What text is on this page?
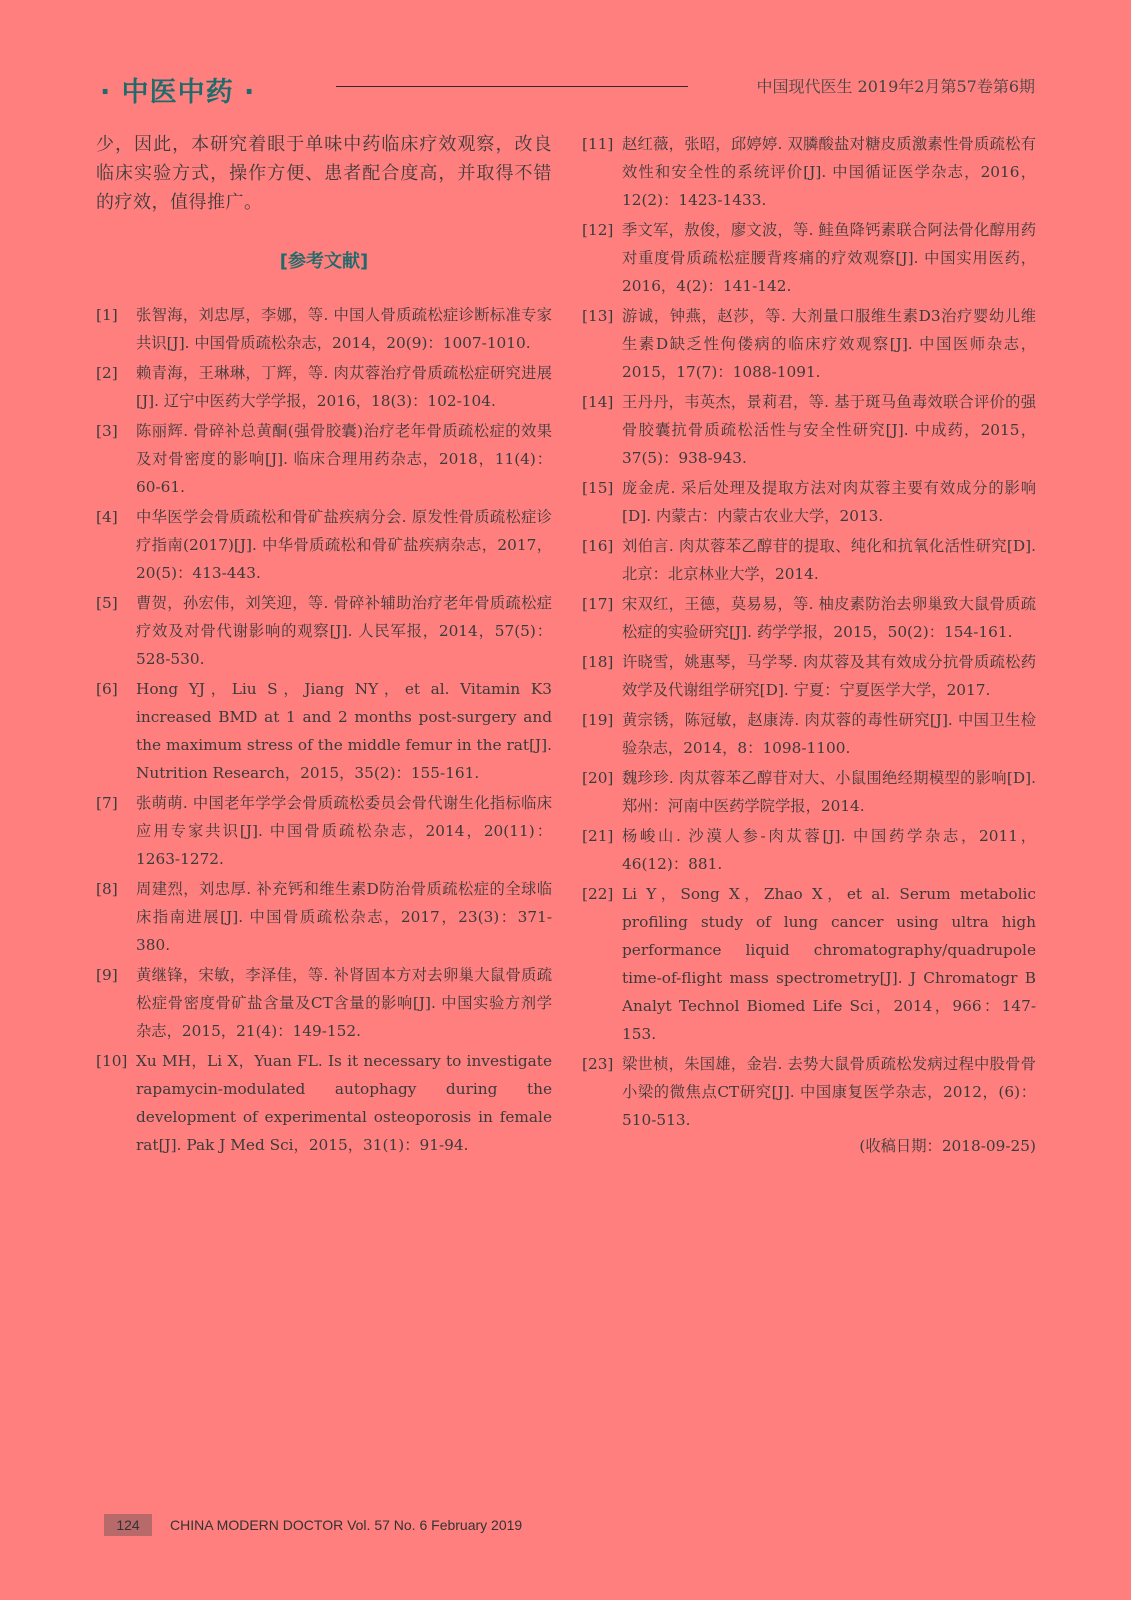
· 中医中药 ·	中国现代医生 2019年2月第57卷第6期

少，因此，本研究着眼于单味中药临床疗效观察，改良临床实验方式，操作方便、患者配合度高，并取得不错的疗效，值得推广。

[参考文献]
[1] 张智海，刘忠厚，李娜，等. 中国人骨质疏松症诊断标准专家共识[J]. 中国骨质疏松杂志，2014，20(9)：1007-1010.
[2] 赖青海，王琳琳，丁辉，等. 肉苁蓉治疗骨质疏松症研究进展[J]. 辽宁中医药大学学报，2016，18(3)：102-104.
[3] 陈丽辉. 骨碎补总黄酮(强骨胶囊)治疗老年骨质疏松症的效果及对骨密度的影响[J]. 临床合理用药杂志，2018，11(4)：60-61.
[4] 中华医学会骨质疏松和骨矿盐疾病分会. 原发性骨质疏松症诊疗指南(2017)[J]. 中华骨质疏松和骨矿盐疾病杂志，2017，20(5)：413-443.
[5] 曹贺，孙宏伟，刘笑迎，等. 骨碎补辅助治疗老年骨质疏松症疗效及对骨代谢影响的观察[J]. 人民军报，2014，57(5)：528-530.
[6] Hong YJ，Liu S，Jiang NY，et al. Vitamin K3 increased BMD at 1 and 2 months post-surgery and the maximum stress of the middle femur in the rat[J]. Nutrition Research，2015，35(2)：155-161.
[7] 张萌萌. 中国老年学学会骨质疏松委员会骨代谢生化指标临床应用专家共识[J]. 中国骨质疏松杂志，2014，20(11)：1263-1272.
[8] 周建烈，刘忠厚. 补充钙和维生素D防治骨质疏松症的全球临床指南进展[J]. 中国骨质疏松杂志，2017，23(3)：371-380.
[9] 黄继锋，宋敏，李泽佳，等. 补肾固本方对去卵巢大鼠骨质疏松症骨密度骨矿盐含量及CT含量的影响[J]. 中国实验方剂学杂志，2015，21(4)：149-152.
[10] Xu MH，Li X，Yuan FL. Is it necessary to investigate rapamycin-modulated autophagy during the development of experimental osteoporosis in female rat[J]. Pak J Med Sci，2015，31(1)：91-94.
[11] 赵红薇，张昭，邱婷婷. 双膦酸盐对糖皮质激素性骨质疏松有效性和安全性的系统评价[J]. 中国循证医学杂志，2016，12(2)：1423-1433.
[12] 季文军，敖俊，廖文波，等. 鲑鱼降钙素联合阿法骨化醇用药对重度骨质疏松症腰背疼痛的疗效观察[J]. 中国实用医药，2016，4(2)：141-142.
[13] 游诚，钟燕，赵莎，等. 大剂量口服维生素D3治疗婴幼儿维生素D缺乏性佝偻病的临床疗效观察[J]. 中国医师杂志，2015，17(7)：1088-1091.
[14] 王丹丹，韦英杰，景莉君，等. 基于斑马鱼毒效联合评价的强骨胶囊抗骨质疏松活性与安全性研究[J]. 中成药，2015，37(5)：938-943.
[15] 庞金虎. 采后处理及提取方法对肉苁蓉主要有效成分的影响[D]. 内蒙古：内蒙古农业大学，2013.
[16] 刘伯言. 肉苁蓉苯乙醇苷的提取、纯化和抗氧化活性研究[D]. 北京：北京林业大学，2014.
[17] 宋双红，王德，莫易易，等. 柚皮素防治去卵巢致大鼠骨质疏松症的实验研究[J]. 药学学报，2015，50(2)：154-161.
[18] 许晓雪，姚惠琴，马学琴. 肉苁蓉及其有效成分抗骨质疏松药效学及代谢组学研究[D]. 宁夏：宁夏医学大学，2017.
[19] 黄宗锈，陈冠敏，赵康涛. 肉苁蓉的毒性研究[J]. 中国卫生检验杂志，2014，8：1098-1100.
[20] 魏珍珍. 肉苁蓉苯乙醇苷对大、小鼠围绝经期模型的影响[D]. 郑州：河南中医药学院学报，2014.
[21] 杨峻山. 沙漠人参-肉苁蓉[J]. 中国药学杂志，2011，46(12)：881.
[22] Li Y，Song X，Zhao X，et al. Serum metabolic profiling study of lung cancer using ultra high performance liquid chromatography/quadrupole time-of-flight mass spectrometry[J]. J Chromatogr B Analyt Technol Biomed Life Sci，2014，966：147-153.
[23] 梁世桢，朱国雄，金岩. 去势大鼠骨质疏松发病过程中股骨骨小梁的微焦点CT研究[J]. 中国康复医学杂志，2012，(6)：510-513.
(收稿日期：2018-09-25)
124	CHINA MODERN DOCTOR Vol. 57 No. 6 February 2019
